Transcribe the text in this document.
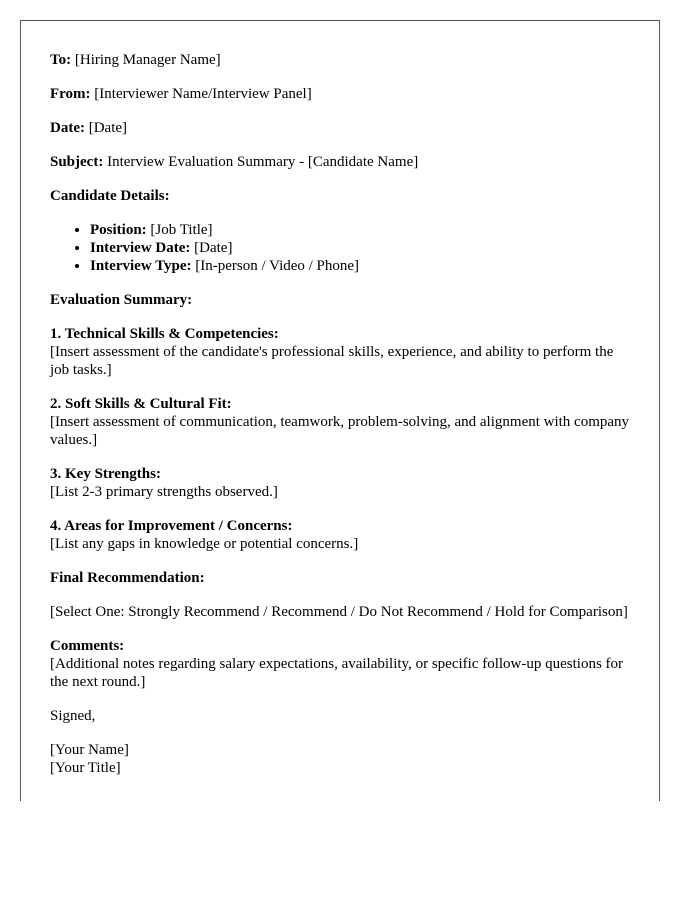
To: [Hiring Manager Name]

From: [Interviewer Name/Interview Panel]

Date: [Date]

Subject: Interview Evaluation Summary - [Candidate Name]

Candidate Details:

• Position: [Job Title]
• Interview Date: [Date]
• Interview Type: [In-person / Video / Phone]

Evaluation Summary:

1. Technical Skills & Competencies:
[Insert assessment of the candidate's professional skills, experience, and ability to perform the job tasks.]
2. Soft Skills & Cultural Fit:
[Insert assessment of communication, teamwork, problem-solving, and alignment with company values.]
3. Key Strengths:
[List 2-3 primary strengths observed.]
4. Areas for Improvement / Concerns:
[List any gaps in knowledge or potential concerns.]

Final Recommendation:

[Select One: Strongly Recommend / Recommend / Do Not Recommend / Hold for Comparison]

Comments:
[Additional notes regarding salary expectations, availability, or specific follow-up questions for the next round.]

Signed,

[Your Name]
[Your Title]
